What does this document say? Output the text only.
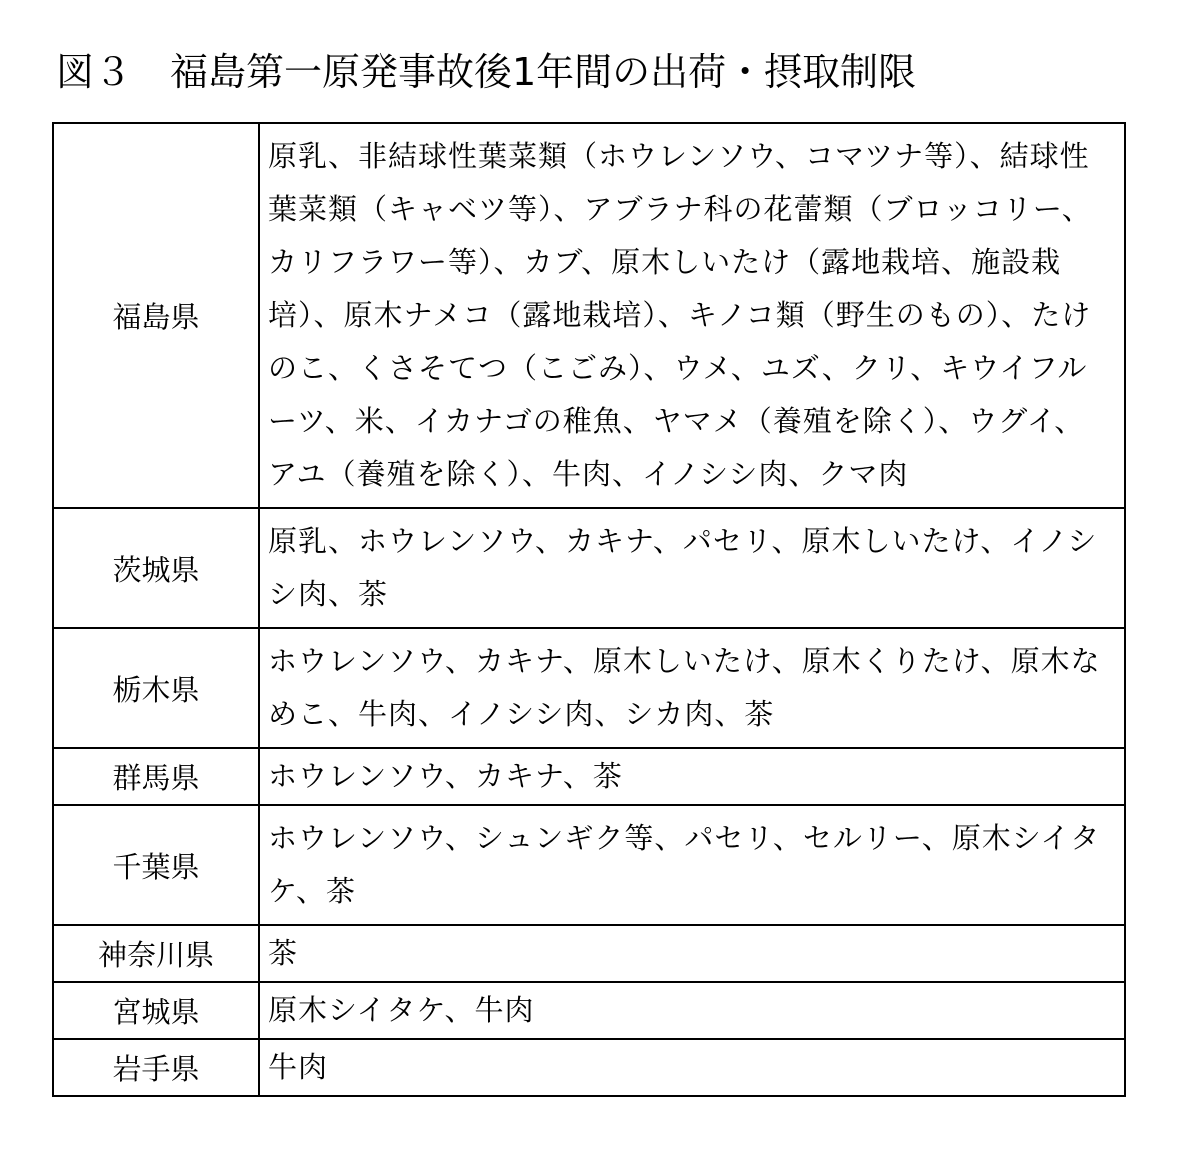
図３　福島第一原発事故後1年間の出荷・摂取制限
福島県	原乳、非結球性葉菜類（ホウレンソウ、コマツナ等）、結球性葉菜類（キャベツ等）、アブラナ科の花蕾類（ブロッコリー、カリフラワー等）、カブ、原木しいたけ（露地栽培、施設栽培）、原木ナメコ（露地栽培）、キノコ類（野生のもの）、たけのこ、くさそてつ（こごみ）、ウメ、ユズ、クリ、キウイフルーツ、米、イカナゴの稚魚、ヤマメ（養殖を除く）、ウグイ、アユ（養殖を除く）、牛肉、イノシシ肉、クマ肉
茨城県	原乳、ホウレンソウ、カキナ、パセリ、原木しいたけ、イノシシ肉、茶
栃木県	ホウレンソウ、カキナ、原木しいたけ、原木くりたけ、原木なめこ、牛肉、イノシシ肉、シカ肉、茶
群馬県	ホウレンソウ、カキナ、茶
千葉県	ホウレンソウ、シュンギク等、パセリ、セルリー、原木シイタケ、茶
神奈川県	茶
宮城県	原木シイタケ、牛肉
岩手県	牛肉
